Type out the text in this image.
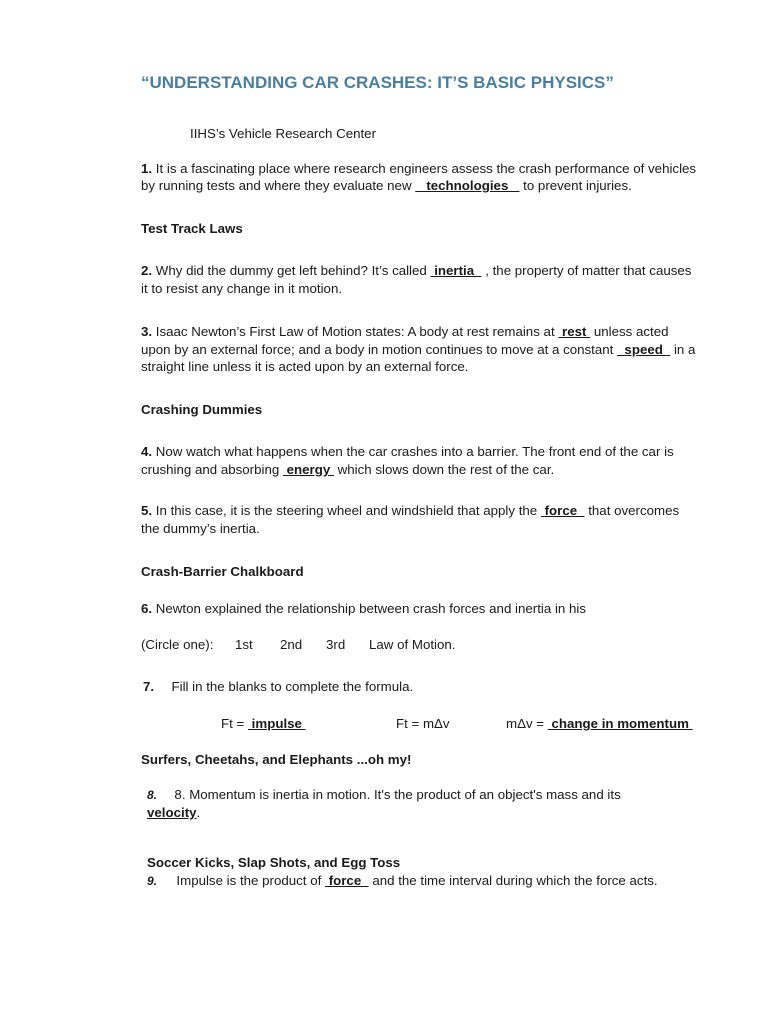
“UNDERSTANDING CAR CRASHES: IT’S BASIC PHYSICS”
IIHS’s Vehicle Research Center
1. It is a fascinating place where research engineers assess the crash performance of vehicles
by running tests and where they evaluate new    technologies    to prevent injuries.
Test Track Laws
2. Why did the dummy get left behind? It’s called  inertia   , the property of matter that causes
it to resist any change in it motion.
3. Isaac Newton’s First Law of Motion states: A body at rest remains at  rest  unless acted
upon by an external force; and a body in motion continues to move at a constant   speed   in a
straight line unless it is acted upon by an external force.
Crashing Dummies
4. Now watch what happens when the car crashes into a barrier. The front end of the car is
crushing and absorbing  energy  which slows down the rest of the car.
5. In this case, it is the steering wheel and windshield that apply the  force   that overcomes
the dummy’s inertia.
Crash-Barrier Chalkboard
6. Newton explained the relationship between crash forces and inertia in his
(Circle one): 1st 2nd 3rd Law of Motion.
7. Fill in the blanks to complete the formula.
Ft =  impulse	Ft = mΔv	mΔv =  change in momentum
Surfers, Cheetahs, and Elephants ...oh my!
8. 8. Momentum is inertia in motion. It's the product of an object's mass and its
velocity.
Soccer Kicks, Slap Shots, and Egg Toss
9. Impulse is the product of  force   and the time interval during which the force acts.
